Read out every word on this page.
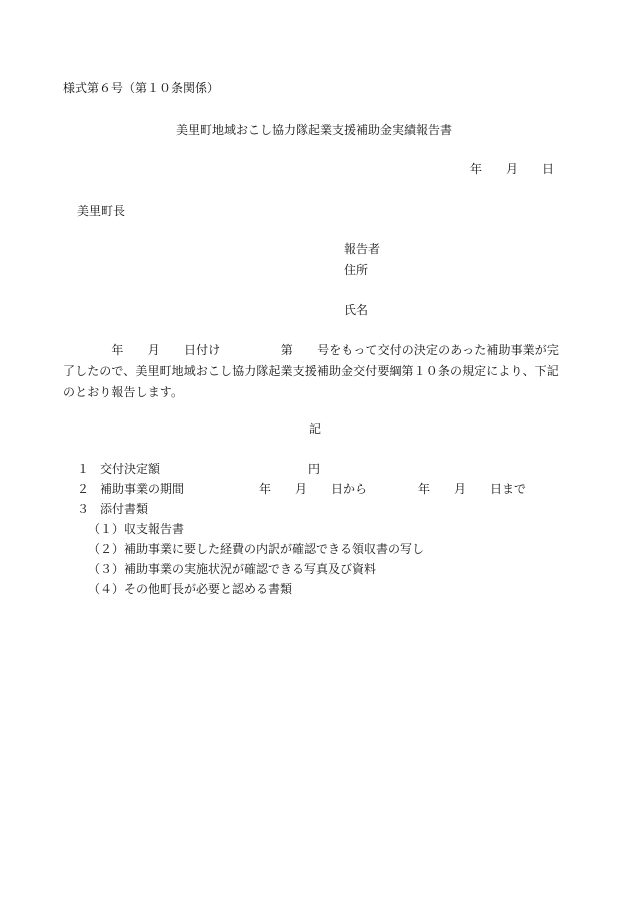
様式第６号（第１０条関係）
美里町地域おこし協力隊起業支援補助金実績報告書
年　　月　　日
美里町長
報告者
住所
氏名
　　　　年　　月　　日付け　　　　　第　　号をもって交付の決定のあった補助事業が完
了したので、美里町地域おこし協力隊起業支援補助金交付要綱第１０条の規定により、下記
のとおり報告します。
記
１ 交付決定額	円
２ 補助事業の期間	年　　月　　日から	年　　月　　日まで
３ 添付書類
（１） 収支報告書
（２） 補助事業に要した経費の内訳が確認できる領収書の写し
（３） 補助事業の実施状況が確認できる写真及び資料
（４） その他町長が必要と認める書類
